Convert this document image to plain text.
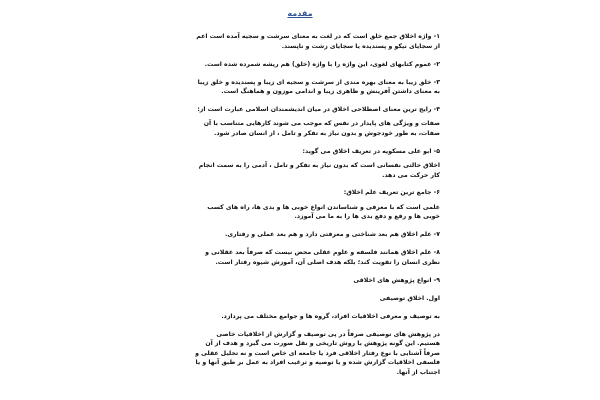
مقدمه

۱- واژه اخلاق جمع خلق است که در لغت به معنای سرشت و سجیه آمده است اعم از سجایای نیکو و پسندیده یا سجایای زشت و ناپسند.

۲- عموم کتابهای لغوی، این واژه را با واژه (خلق) هم ریشه شمرده شده است.

۳- خلق زیبا به معنای بهره مندی از سرشت و سجیه ای زیبا و پسندیده و خلق زیبا به معنای داشتن آفرینش و ظاهری زیبا و اندامی موزون و هماهنگ است.

۴- رایج ترین معنای اصطلاحی اخلاق در میان اندیشمندان اسلامی عبارت است از:

صفات و ویژگی های پایدار در نفس که موجب می شوند کارهایی متناسب با آن صفات، به طور خودجوش و بدون نیاز به تفکر و تامل ، از انسان صادر شود.

۵- ابو علی مسکویه در تعریف اخلاق می گوید:

اخلاق حالتی نفسانی است که بدون نیاز به تفکر و تامل ، آدمی را به سمت انجام کار حرکت می دهد.

۶- جامع ترین تعریف علم اخلاق:

علمی است که با معرفی و شناساندن انواع خوبی ها و بدی ها، راه های کسب خوبی ها و رفع و دفع بدی ها را به ما می آموزد.

۷- علم اخلاق هم بعد شناختی و معرفتی دارد و هم بعد عملی و رفتاری.

۸- علم اخلاق همانند فلسفه و علوم عقلی محض نیست که صرفاً بعد عقلانی و نظری انسان را تقویت کند؛ بلکه هدف اصلی آن، آموزش شیوه رفتار است.

۹- انواع پژوهش های اخلاقی

اول. اخلاق توصیفی

به توصیف و معرفی اخلاقیات افراد، گروه ها و جوامع مختلف می پردازد.

در پژوهش های توصیفی صرفاً در پی توصیف و گزارش از اخلاقیات خاصی هستیم. این گونه پژوهش با روش تاریخی و نقل صورت می گیرد و هدف از آن صرفاً آشنایی با نوع رفتار اخلاقی فرد یا جامعه ای خاص است و نه تحلیل عقلی و فلسفی اخلاقیات گزارش شده و یا توصیه و ترغیب افراد به عمل بر طبق آنها و یا اجتناب از آنها.
